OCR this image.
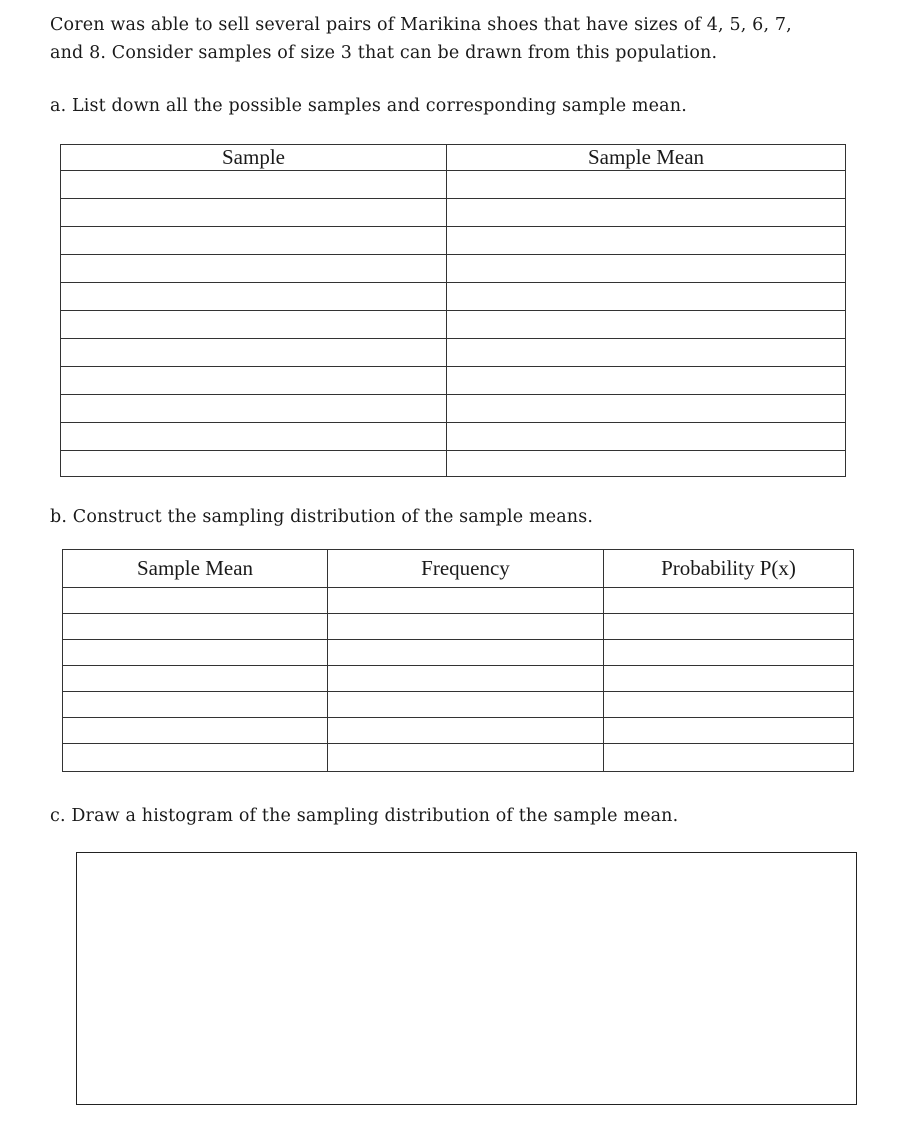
Coren was able to sell several pairs of Marikina shoes that have sizes of 4, 5, 6, 7,
and 8. Consider samples of size 3 that can be drawn from this population.
a. List down all the possible samples and corresponding sample mean.
Sample	Sample Mean

b. Construct the sampling distribution of the sample means.
Sample Mean	Frequency	Probability P(x)

c. Draw a histogram of the sampling distribution of the sample mean.
